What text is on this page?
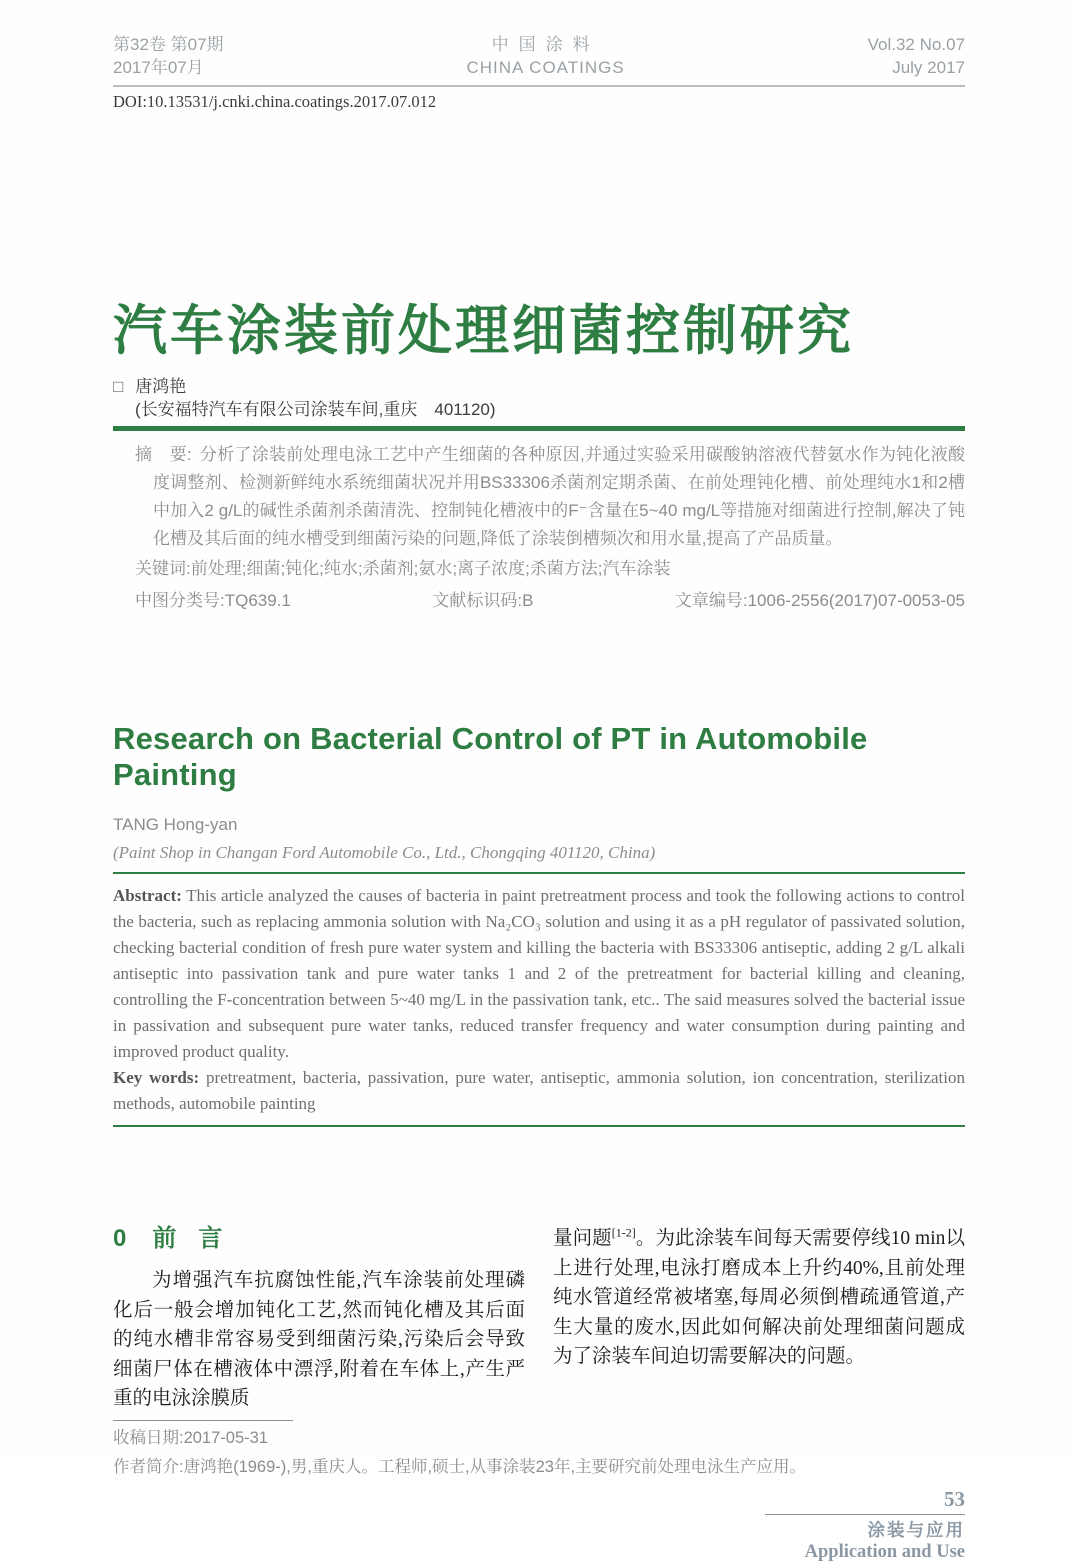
第32卷 第07期
2017年07月
中国涂料
CHINA COATINGS
Vol.32 No.07
July 2017
DOI:10.13531/j.cnki.china.coatings.2017.07.012
汽车涂装前处理细菌控制研究
□ 唐鸿艳
(长安福特汽车有限公司涂装车间,重庆　401120)

摘　要: 分析了涂装前处理电泳工艺中产生细菌的各种原因,并通过实验采用碳酸钠溶液代替氨水作为钝化液酸度调整剂、检测新鲜纯水系统细菌状况并用BS33306杀菌剂定期杀菌、在前处理钝化槽、前处理纯水1和2槽中加入2 g/L的碱性杀菌剂杀菌清洗、控制钝化槽液中的F⁻含量在5~40 mg/L等措施对细菌进行控制,解决了钝化槽及其后面的纯水槽受到细菌污染的问题,降低了涂装倒槽频次和用水量,提高了产品质量。

关键词:前处理;细菌;钝化;纯水;杀菌剂;氨水;离子浓度;杀菌方法;汽车涂装

中图分类号:TQ639.1	文献标识码:B	文章编号:1006-2556(2017)07-0053-05
Research on Bacterial Control of PT in Automobile Painting
TANG Hong-yan
(Paint Shop in Changan Ford Automobile Co., Ltd., Chongqing 401120, China)

Abstract: This article analyzed the causes of bacteria in paint pretreatment process and took the following actions to control the bacteria, such as replacing ammonia solution with Na₂CO₃ solution and using it as a pH regulator of passivated solution, checking bacterial condition of fresh pure water system and killing the bacteria with BS33306 antiseptic, adding 2 g/L alkali antiseptic into passivation tank and pure water tanks 1 and 2 of the pretreatment for bacterial killing and cleaning, controlling the F-concentration between 5~40 mg/L in the passivation tank, etc.. The said measures solved the bacterial issue in passivation and subsequent pure water tanks, reduced transfer frequency and water consumption during painting and improved product quality.

Key words: pretreatment, bacteria, passivation, pure water, antiseptic, ammonia solution, ion concentration, sterilization methods, automobile painting

0 前言

为增强汽车抗腐蚀性能,汽车涂装前处理磷化后一般会增加钝化工艺,然而钝化槽及其后面的纯水槽非常容易受到细菌污染,污染后会导致细菌尸体在槽液体中漂浮,附着在车体上,产生严重的电泳涂膜质

量问题[1-2]。为此涂装车间每天需要停线10 min以上进行处理,电泳打磨成本上升约40%,且前处理纯水管道经常被堵塞,每周必须倒槽疏通管道,产生大量的废水,因此如何解决前处理细菌问题成为了涂装车间迫切需要解决的问题。

收稿日期:2017-05-31
作者简介:唐鸿艳(1969-),男,重庆人。工程师,硕士,从事涂装23年,主要研究前处理电泳生产应用。
53
涂装与应用
Application and Use
